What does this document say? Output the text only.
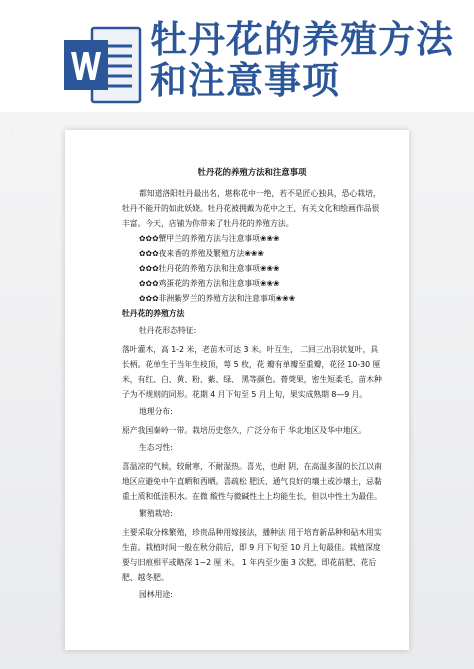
牡丹花的养殖方法
和注意事项
· · · ·
牡丹花的养殖方法和注意事项

都知道洛阳牡丹最出名，堪称花中一绝，若不是匠心独具，恐心栽培，牡丹不能开的如此妖娆。牡丹花被拥戴为花中之王，有关文化和绘画作品很丰富。今天，店铺为你带来了牡丹花的养殖方法。

✿✿✿蟹甲兰的养殖方法与注意事项❀❀❀
✿✿✿夜来香的养殖及繁殖方法❀❀❀
✿✿✿牡丹花的养殖方法和注意事项❀❀❀
✿✿✿鸡蛋花的养殖方法和注意事项❀❀❀
✿✿✿非洲紫罗兰的养殖方法和注意事项❀❀❀
牡丹花的养殖方法
牡丹花形态特征:

落叶灌木，高 1-2 米，老苗木可达 3 米。叶互生， 二回三出羽状复叶，具长柄。花单生于当年生枝顶，萼 5 枚，花 瓣有单瓣至重瓣，花径 10-30 厘米，有红、白、黄、粉、紫、绿、 黑等颜色。蓇葖果，密生短柔毛，苗木种子为不规则的同形。花期 4 月下旬至 5 月上旬，果实成熟期 8—9 月。

地理分布:

原产我国秦岭一带。栽培历史悠久，广泛分布于 华北地区及华中地区。

生态习性:

喜温凉的气候，较耐寒，不耐湿热。喜光，也耐 阴，在高温多湿的长江以南地区应避免中午直晒和西晒。喜疏松 肥沃、通气良好的壤土或沙壤土，忌黏重土质和低洼积水。在微 酸性与微碱性土上均能生长，但以中性土为最佳。

繁殖栽培:

主要采取分株繁殖，珍贵品种用嫁接法，播种法 用于培育新品种和砧木用实生苗。栽植时间一般在秋分前后，即 9 月下旬至 10 月上旬最佳。栽植深度要与旧痕相平或略深 1~2 厘 米。 1 年内至少施 3 次肥，即花前肥、花后肥、越冬肥。

园林用途:
